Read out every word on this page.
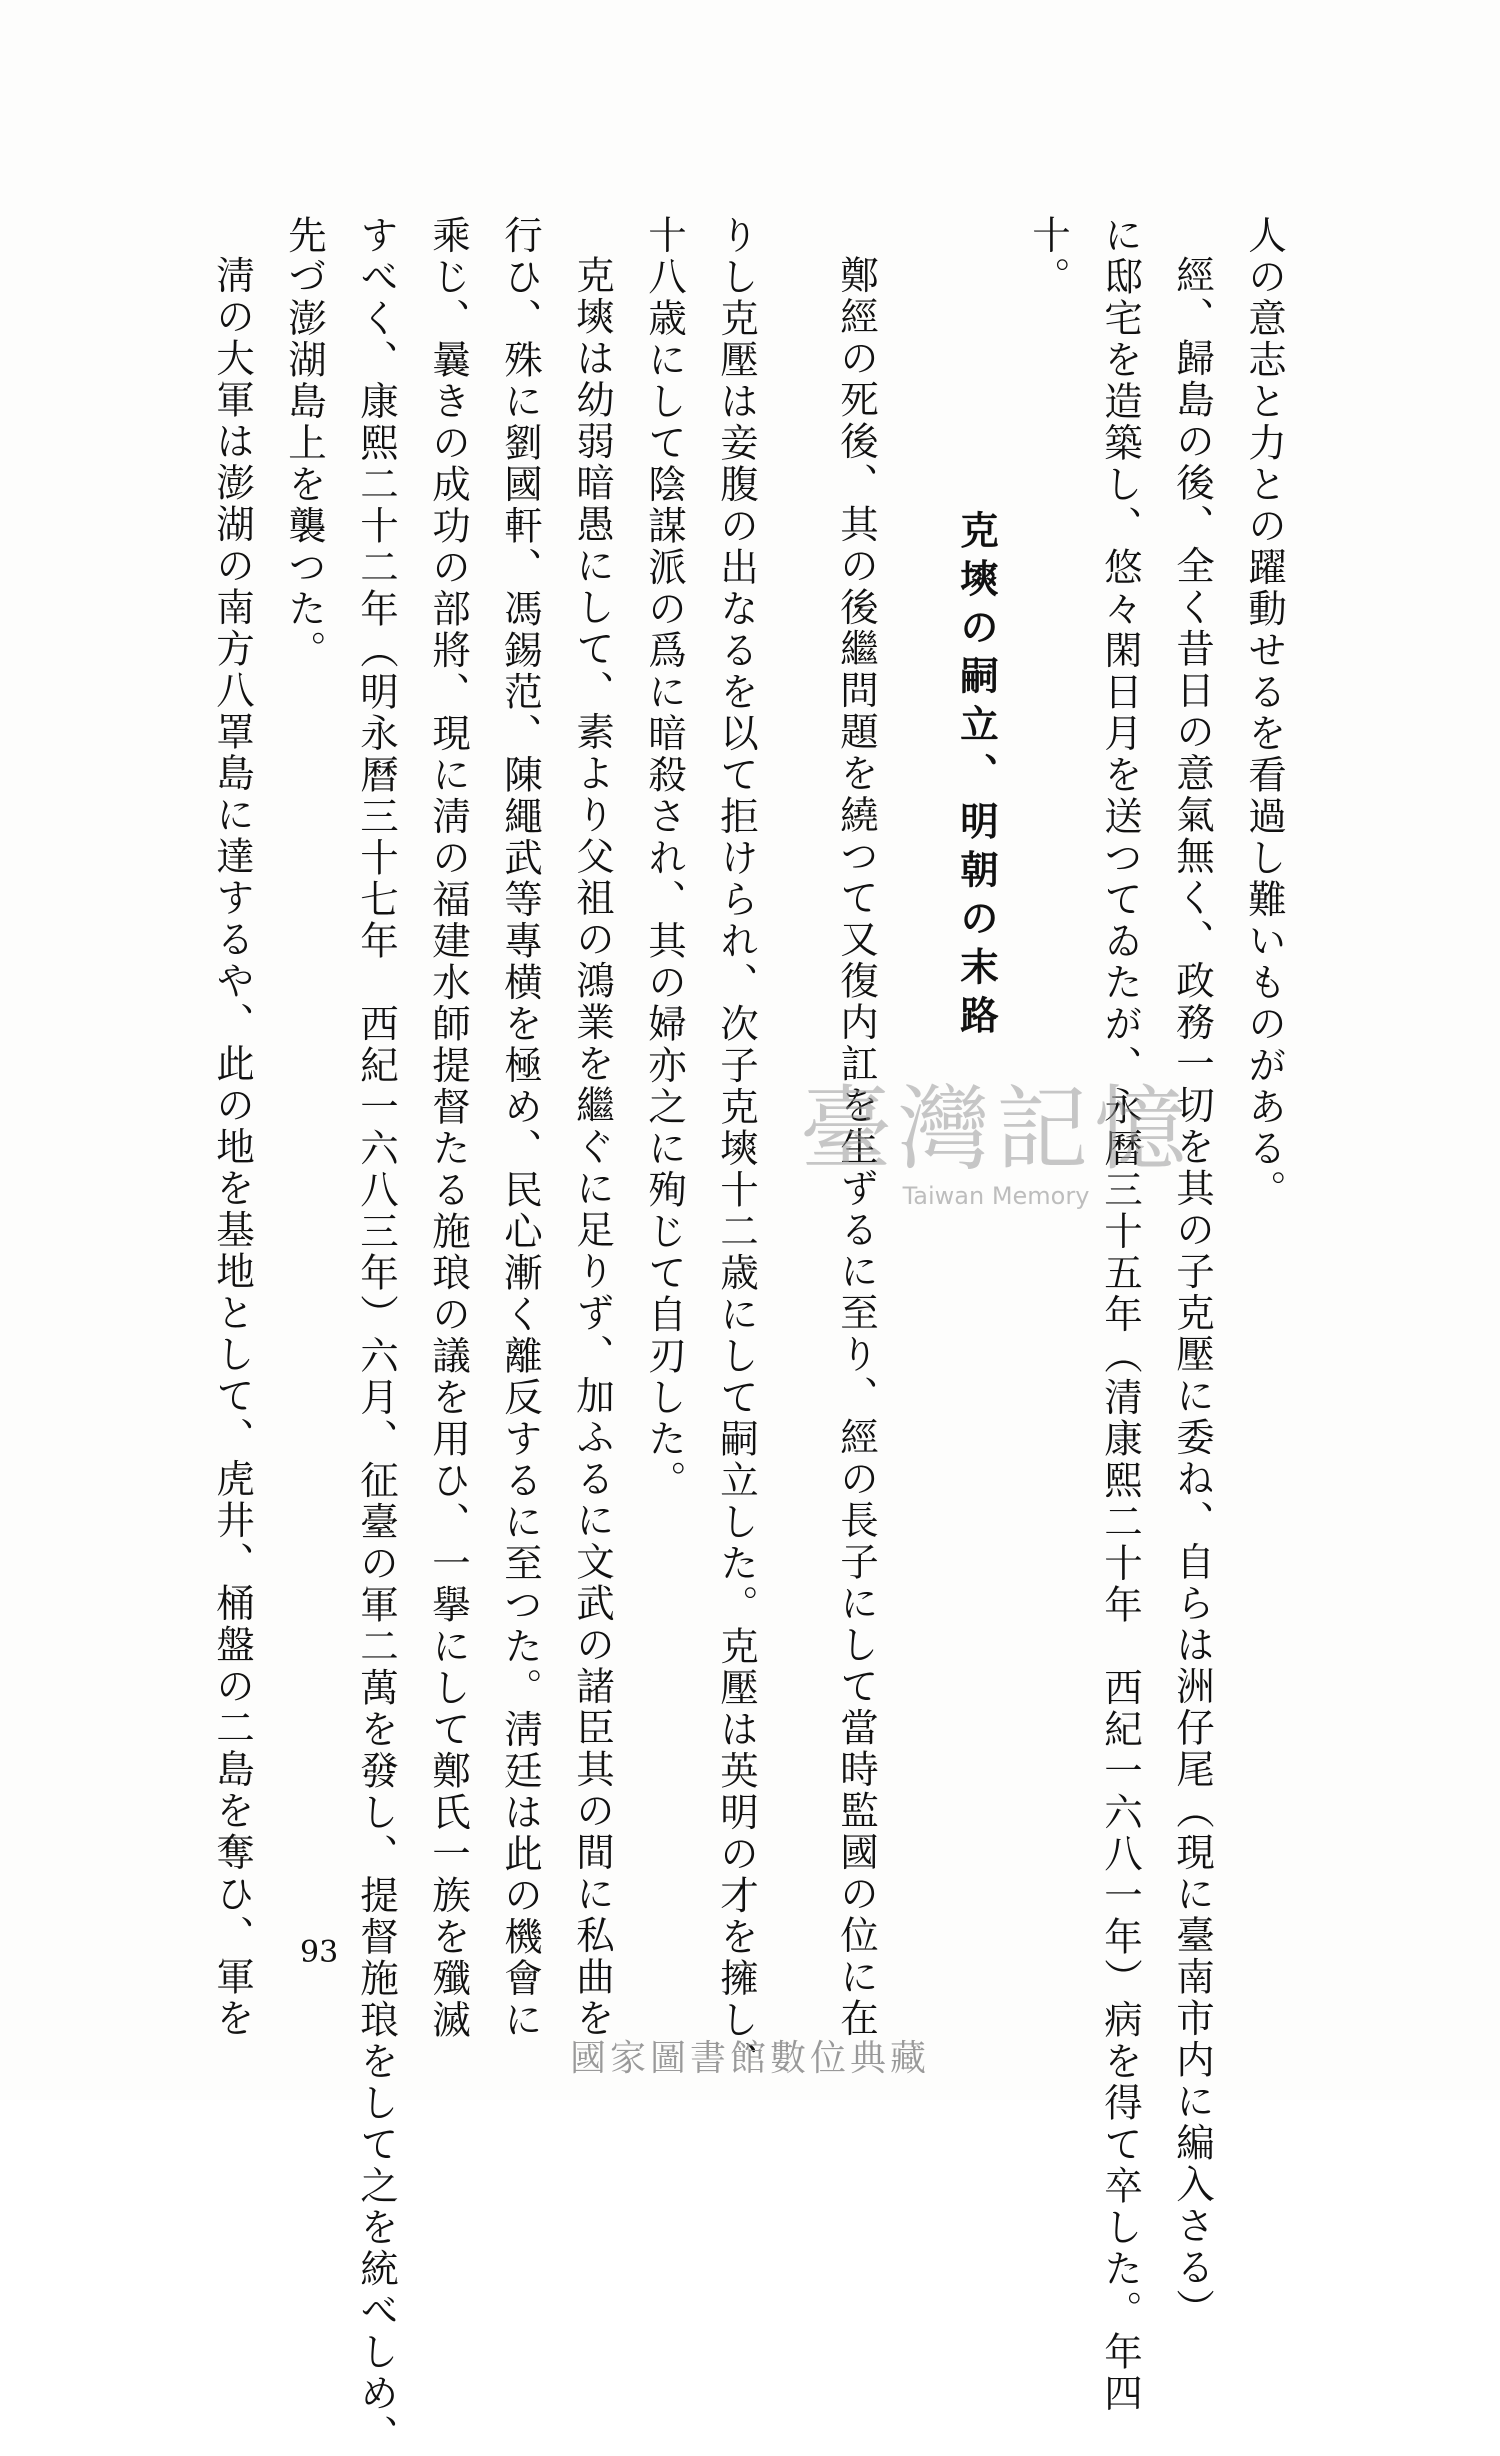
人の意志と力との躍動せるを看過し難いものがある。
經、歸島の後、全く昔日の意氣無く、政務一切を其の子克壓に委ね、自らは洲仔尾（現に臺南市内に編入さる）
に邸宅を造築し、悠々閑日月を送つてゐたが、永曆三十五年（清康熙二十年　西紀一六八一年）病を得て卒した。年四
十。
克塽の嗣立、明朝の末路
鄭經の死後、其の後繼問題を繞つて又復内訌を生ずるに至り、經の長子にして當時監國の位に在
りし克壓は妾腹の出なるを以て拒けられ、次子克塽十二歳にして嗣立した。克壓は英明の才を擁し、
十八歳にして陰謀派の爲に暗殺され、其の婦亦之に殉じて自刃した。
克塽は幼弱暗愚にして、素より父祖の鴻業を繼ぐに足りず、加ふるに文武の諸臣其の間に私曲を
行ひ、殊に劉國軒、馮錫范、陳繩武等專横を極め、民心漸く離反するに至つた。淸廷は此の機會に
乘じ、曩きの成功の部將、現に淸の福建水師提督たる施琅の議を用ひ、一擧にして鄭氏一族を殲滅
すべく、康熙二十二年（明永曆三十七年　西紀一六八三年）六月、征臺の軍二萬を發し、提督施琅をして之を統べしめ、
先づ澎湖島上を襲つた。
淸の大軍は澎湖の南方八罩島に達するや、此の地を基地として、虎井、桶盤の二島を奪ひ、軍を	臺灣記憶
Taiwan Memory
93
國家圖書館數位典藏
